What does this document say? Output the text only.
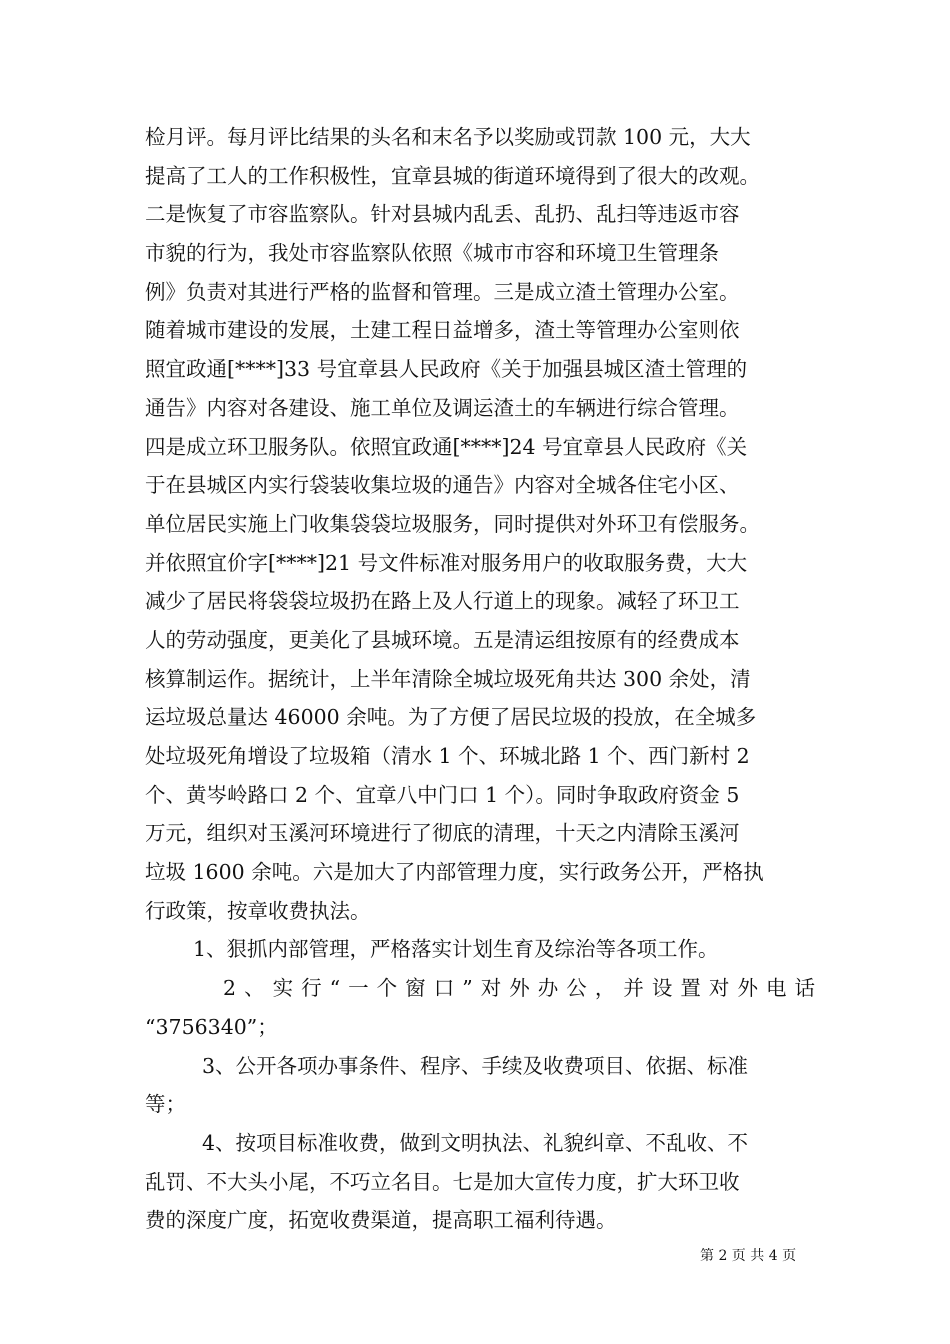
检月评。每月评比结果的头名和末名予以奖励或罚款 100 元，大大
提高了工人的工作积极性，宜章县城的街道环境得到了很大的改观。
二是恢复了市容监察队。针对县城内乱丢、乱扔、乱扫等违返市容
市貌的行为，我处市容监察队依照《城市市容和环境卫生管理条
例》负责对其进行严格的监督和管理。三是成立渣土管理办公室。
随着城市建设的发展，土建工程日益增多，渣土等管理办公室则依
照宜政通[****]33 号宜章县人民政府《关于加强县城区渣土管理的
通告》内容对各建设、施工单位及调运渣土的车辆进行综合管理。
四是成立环卫服务队。依照宜政通[****]24 号宜章县人民政府《关
于在县城区内实行袋装收集垃圾的通告》内容对全城各住宅小区、
单位居民实施上门收集袋袋垃圾服务，同时提供对外环卫有偿服务。
并依照宜价字[****]21 号文件标准对服务用户的收取服务费，大大
减少了居民将袋袋垃圾扔在路上及人行道上的现象。减轻了环卫工
人的劳动强度，更美化了县城环境。五是清运组按原有的经费成本
核算制运作。据统计，上半年清除全城垃圾死角共达 300 余处，清
运垃圾总量达 46000 余吨。为了方便了居民垃圾的投放，在全城多
处垃圾死角增设了垃圾箱（清水 1 个、环城北路 1 个、西门新村 2
个、黄岑岭路口 2 个、宜章八中门口 1 个）。同时争取政府资金 5
万元，组织对玉溪河环境进行了彻底的清理，十天之内清除玉溪河
垃圾 1600 余吨。六是加大了内部管理力度，实行政务公开，严格执
行政策，按章收费执法。
1、狠抓内部管理，严格落实计划生育及综治等各项工作。
2、实行“一个窗口”对外办公，并设置对外电话
“3756340”；
3、公开各项办事条件、程序、手续及收费项目、依据、标准
等；
4、按项目标准收费，做到文明执法、礼貌纠章、不乱收、不
乱罚、不大头小尾，不巧立名目。七是加大宣传力度，扩大环卫收
费的深度广度，拓宽收费渠道，提高职工福利待遇。
第 2 页 共 4 页
